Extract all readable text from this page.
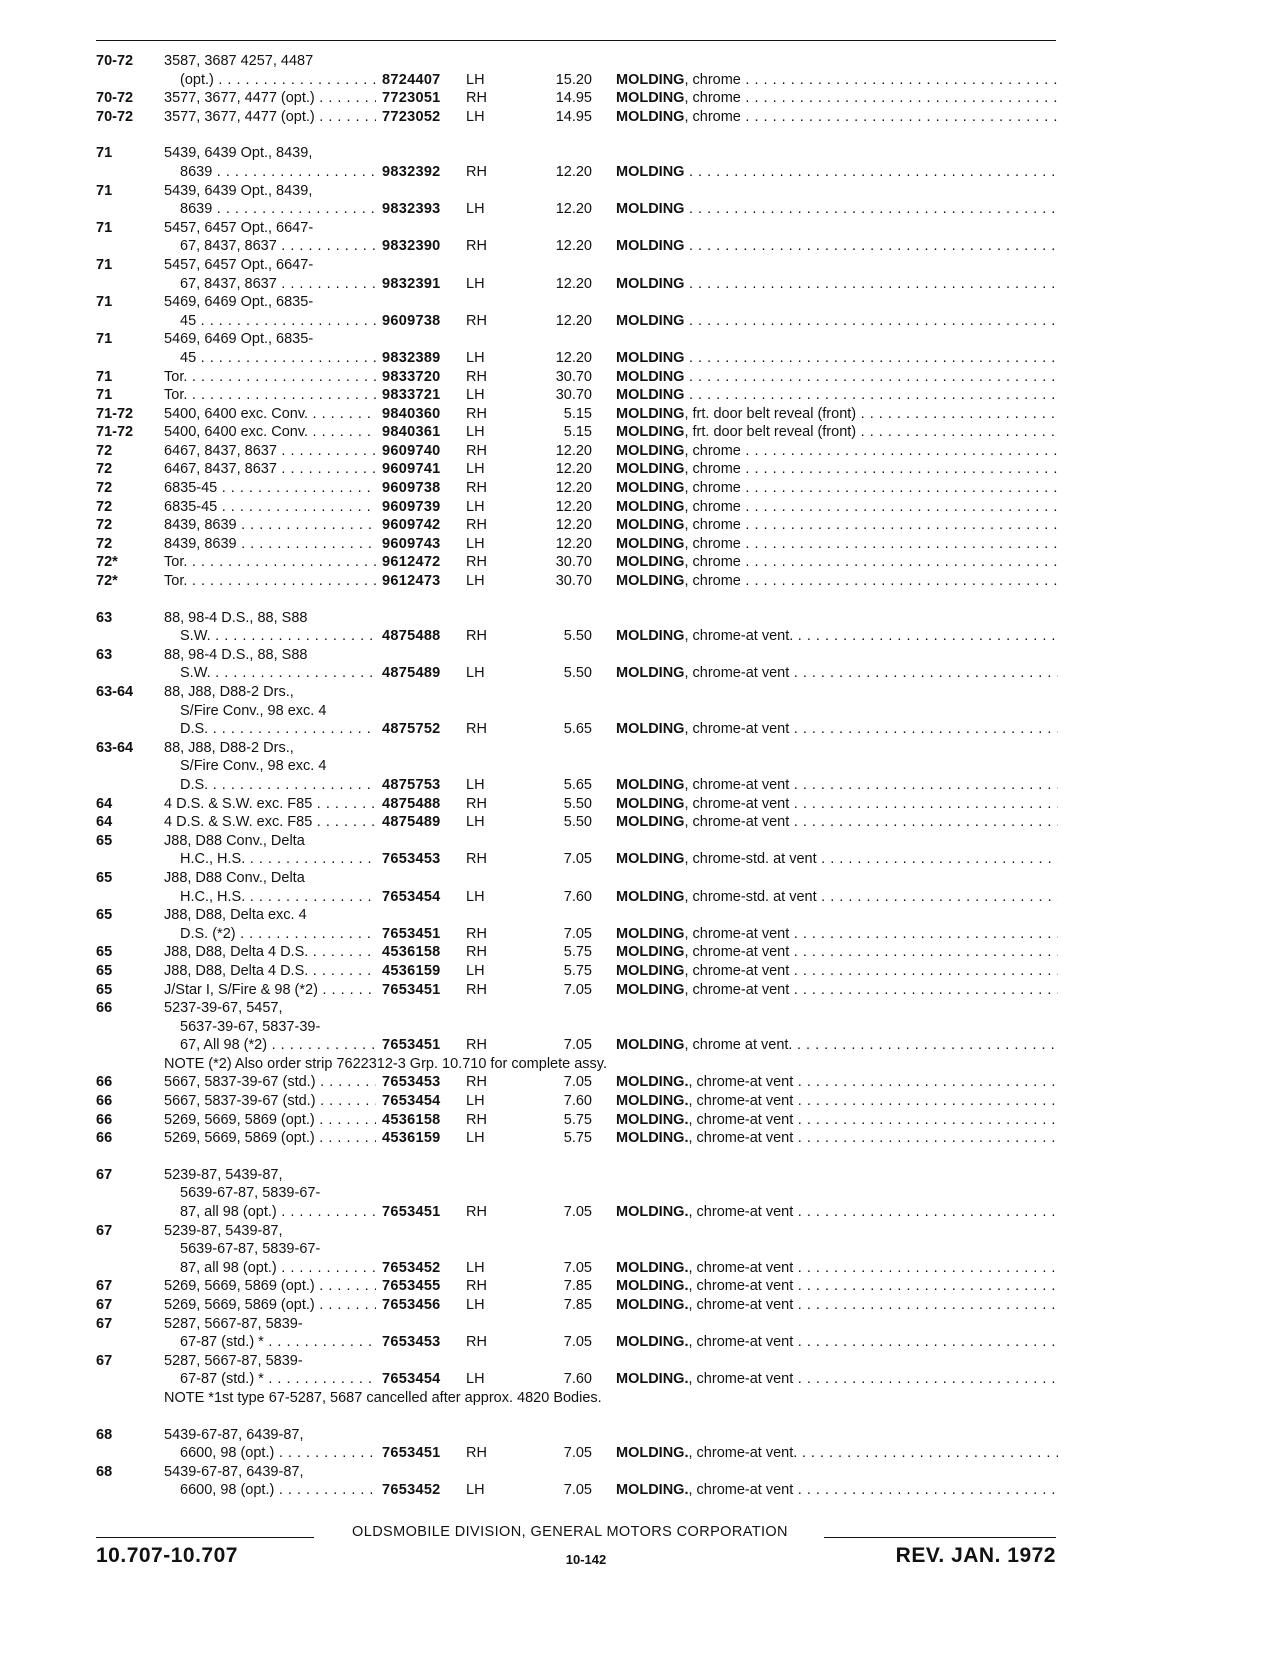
70-72	3587, 3687 4257, 4487
(opt.) . . .	8724407	LH	15.20 MOLDING, chrome . . .
70-72	3577, 3677, 4477 (opt.) . . .	7723051	RH	14.95 MOLDING, chrome . . .
70-72	3577, 3677, 4477 (opt.) . . .	7723052	LH	14.95 MOLDING, chrome . . .
71	5439, 6439 Opt., 8439,
8639 . . .	9832392	RH	12.20 MOLDING . . .
71	5439, 6439 Opt., 8439,
8639 . . .	9832393	LH	12.20 MOLDING . . .
71	5457, 6457 Opt., 6647-
67, 8437, 8637 . . .	9832390	RH	12.20 MOLDING . . .
71	5457, 6457 Opt., 6647-
67, 8437, 8637 . . .	9832391	LH	12.20 MOLDING . . .
71	5469, 6469 Opt., 6835-
45 . . .	9609738	RH	12.20 MOLDING . . .
71	5469, 6469 Opt., 6835-
45 . . .	9832389	LH	12.20 MOLDING . . .
71	Tor. . . .	9833720	RH	30.70 MOLDING . . .
71	Tor. . . .	9833721	LH	30.70 MOLDING . . .
71-72	5400, 6400 exc. Conv. . . .	9840360	RH	5.15 MOLDING, frt. door belt reveal (front) . . .
71-72	5400, 6400 exc. Conv. . . .	9840361	LH	5.15 MOLDING, frt. door belt reveal (front) . . .
72	6467, 8437, 8637 . . .	9609740	RH	12.20 MOLDING, chrome . . .
72	6467, 8437, 8637 . . .	9609741	LH	12.20 MOLDING, chrome . . .
72	6835-45 . . .	9609738	RH	12.20 MOLDING, chrome . . .
72	6835-45 . . .	9609739	LH	12.20 MOLDING, chrome . . .
72	8439, 8639 . . .	9609742	RH	12.20 MOLDING, chrome . . .
72	8439, 8639 . . .	9609743	LH	12.20 MOLDING, chrome . . .
72*	Tor. . . .	9612472	RH	30.70 MOLDING, chrome . . .
72*	Tor. . . .	9612473	LH	30.70 MOLDING, chrome . . .
63	88, 98-4 D.S., 88, S88
S.W. . . .	4875488	RH	5.50 MOLDING, chrome-at vent. . . .
63	88, 98-4 D.S., 88, S88
S.W. . . .	4875489	LH	5.50 MOLDING, chrome-at vent . . .
63-64	88, J88, D88-2 Drs.,
S/Fire Conv., 98 exc. 4
D.S. . . .	4875752	RH	5.65 MOLDING, chrome-at vent . . .
63-64	88, J88, D88-2 Drs.,
S/Fire Conv., 98 exc. 4
D.S. . . .	4875753	LH	5.65 MOLDING, chrome-at vent . . .
64	4 D.S. & S.W. exc. F85 . . .	4875488	RH	5.50 MOLDING, chrome-at vent . . .
64	4 D.S. & S.W. exc. F85 . . .	4875489	LH	5.50 MOLDING, chrome-at vent . . .
65	J88, D88 Conv., Delta
H.C., H.S. . . .	7653453	RH	7.05 MOLDING, chrome-std. at vent . . .
65	J88, D88 Conv., Delta
H.C., H.S. . . .	7653454	LH	7.60 MOLDING, chrome-std. at vent . . .
65	J88, D88, Delta exc. 4
D.S. (*2) . . .	7653451	RH	7.05 MOLDING, chrome-at vent . . .
65	J88, D88, Delta 4 D.S. . . .	4536158	RH	5.75 MOLDING, chrome-at vent . . .
65	J88, D88, Delta 4 D.S. . . .	4536159	LH	5.75 MOLDING, chrome-at vent . . .
65	J/Star I, S/Fire & 98 (*2) . . .	7653451	RH	7.05 MOLDING, chrome-at vent . . .
66	5237-39-67, 5457,
5637-39-67, 5837-39-
67, All 98 (*2) . . .	7653451	RH	7.05 MOLDING, chrome at vent. . . .
NOTE (*2) Also order strip 7622312-3 Grp. 10.710 for complete assy.
66	5667, 5837-39-67 (std.) . . .	7653453	RH	7.05 MOLDING., chrome-at vent . . .
66	5667, 5837-39-67 (std.) . . .	7653454	LH	7.60 MOLDING., chrome-at vent . . .
66	5269, 5669, 5869 (opt.) . . .	4536158	RH	5.75 MOLDING., chrome-at vent . . .
66	5269, 5669, 5869 (opt.) . . .	4536159	LH	5.75 MOLDING., chrome-at vent . . .
67	5239-87, 5439-87,
5639-67-87, 5839-67-
87, all 98 (opt.) . . .	7653451	RH	7.05 MOLDING., chrome-at vent . . .
67	5239-87, 5439-87,
5639-67-87, 5839-67-
87, all 98 (opt.) . . .	7653452	LH	7.05 MOLDING., chrome-at vent . . .
67	5269, 5669, 5869 (opt.) . . .	7653455	RH	7.85 MOLDING., chrome-at vent . . .
67	5269, 5669, 5869 (opt.) . . .	7653456	LH	7.85 MOLDING., chrome-at vent . . .
67	5287, 5667-87, 5839-
67-87 (std.) * . . .	7653453	RH	7.05 MOLDING., chrome-at vent . . .
67	5287, 5667-87, 5839-
67-87 (std.) * . . .	7653454	LH	7.60 MOLDING., chrome-at vent . . .
NOTE *1st type 67-5287, 5687 cancelled after approx. 4820 Bodies.
68	5439-67-87, 6439-87,
6600, 98 (opt.) . . .	7653451	RH	7.05 MOLDING., chrome-at vent. . . .
68	5439-67-87, 6439-87,
6600, 98 (opt.) . . .	7653452	LH	7.05 MOLDING., chrome-at vent . . .
OLDSMOBILE DIVISION, GENERAL MOTORS CORPORATION
10.707-10.707	10-142	REV. JAN. 1972
